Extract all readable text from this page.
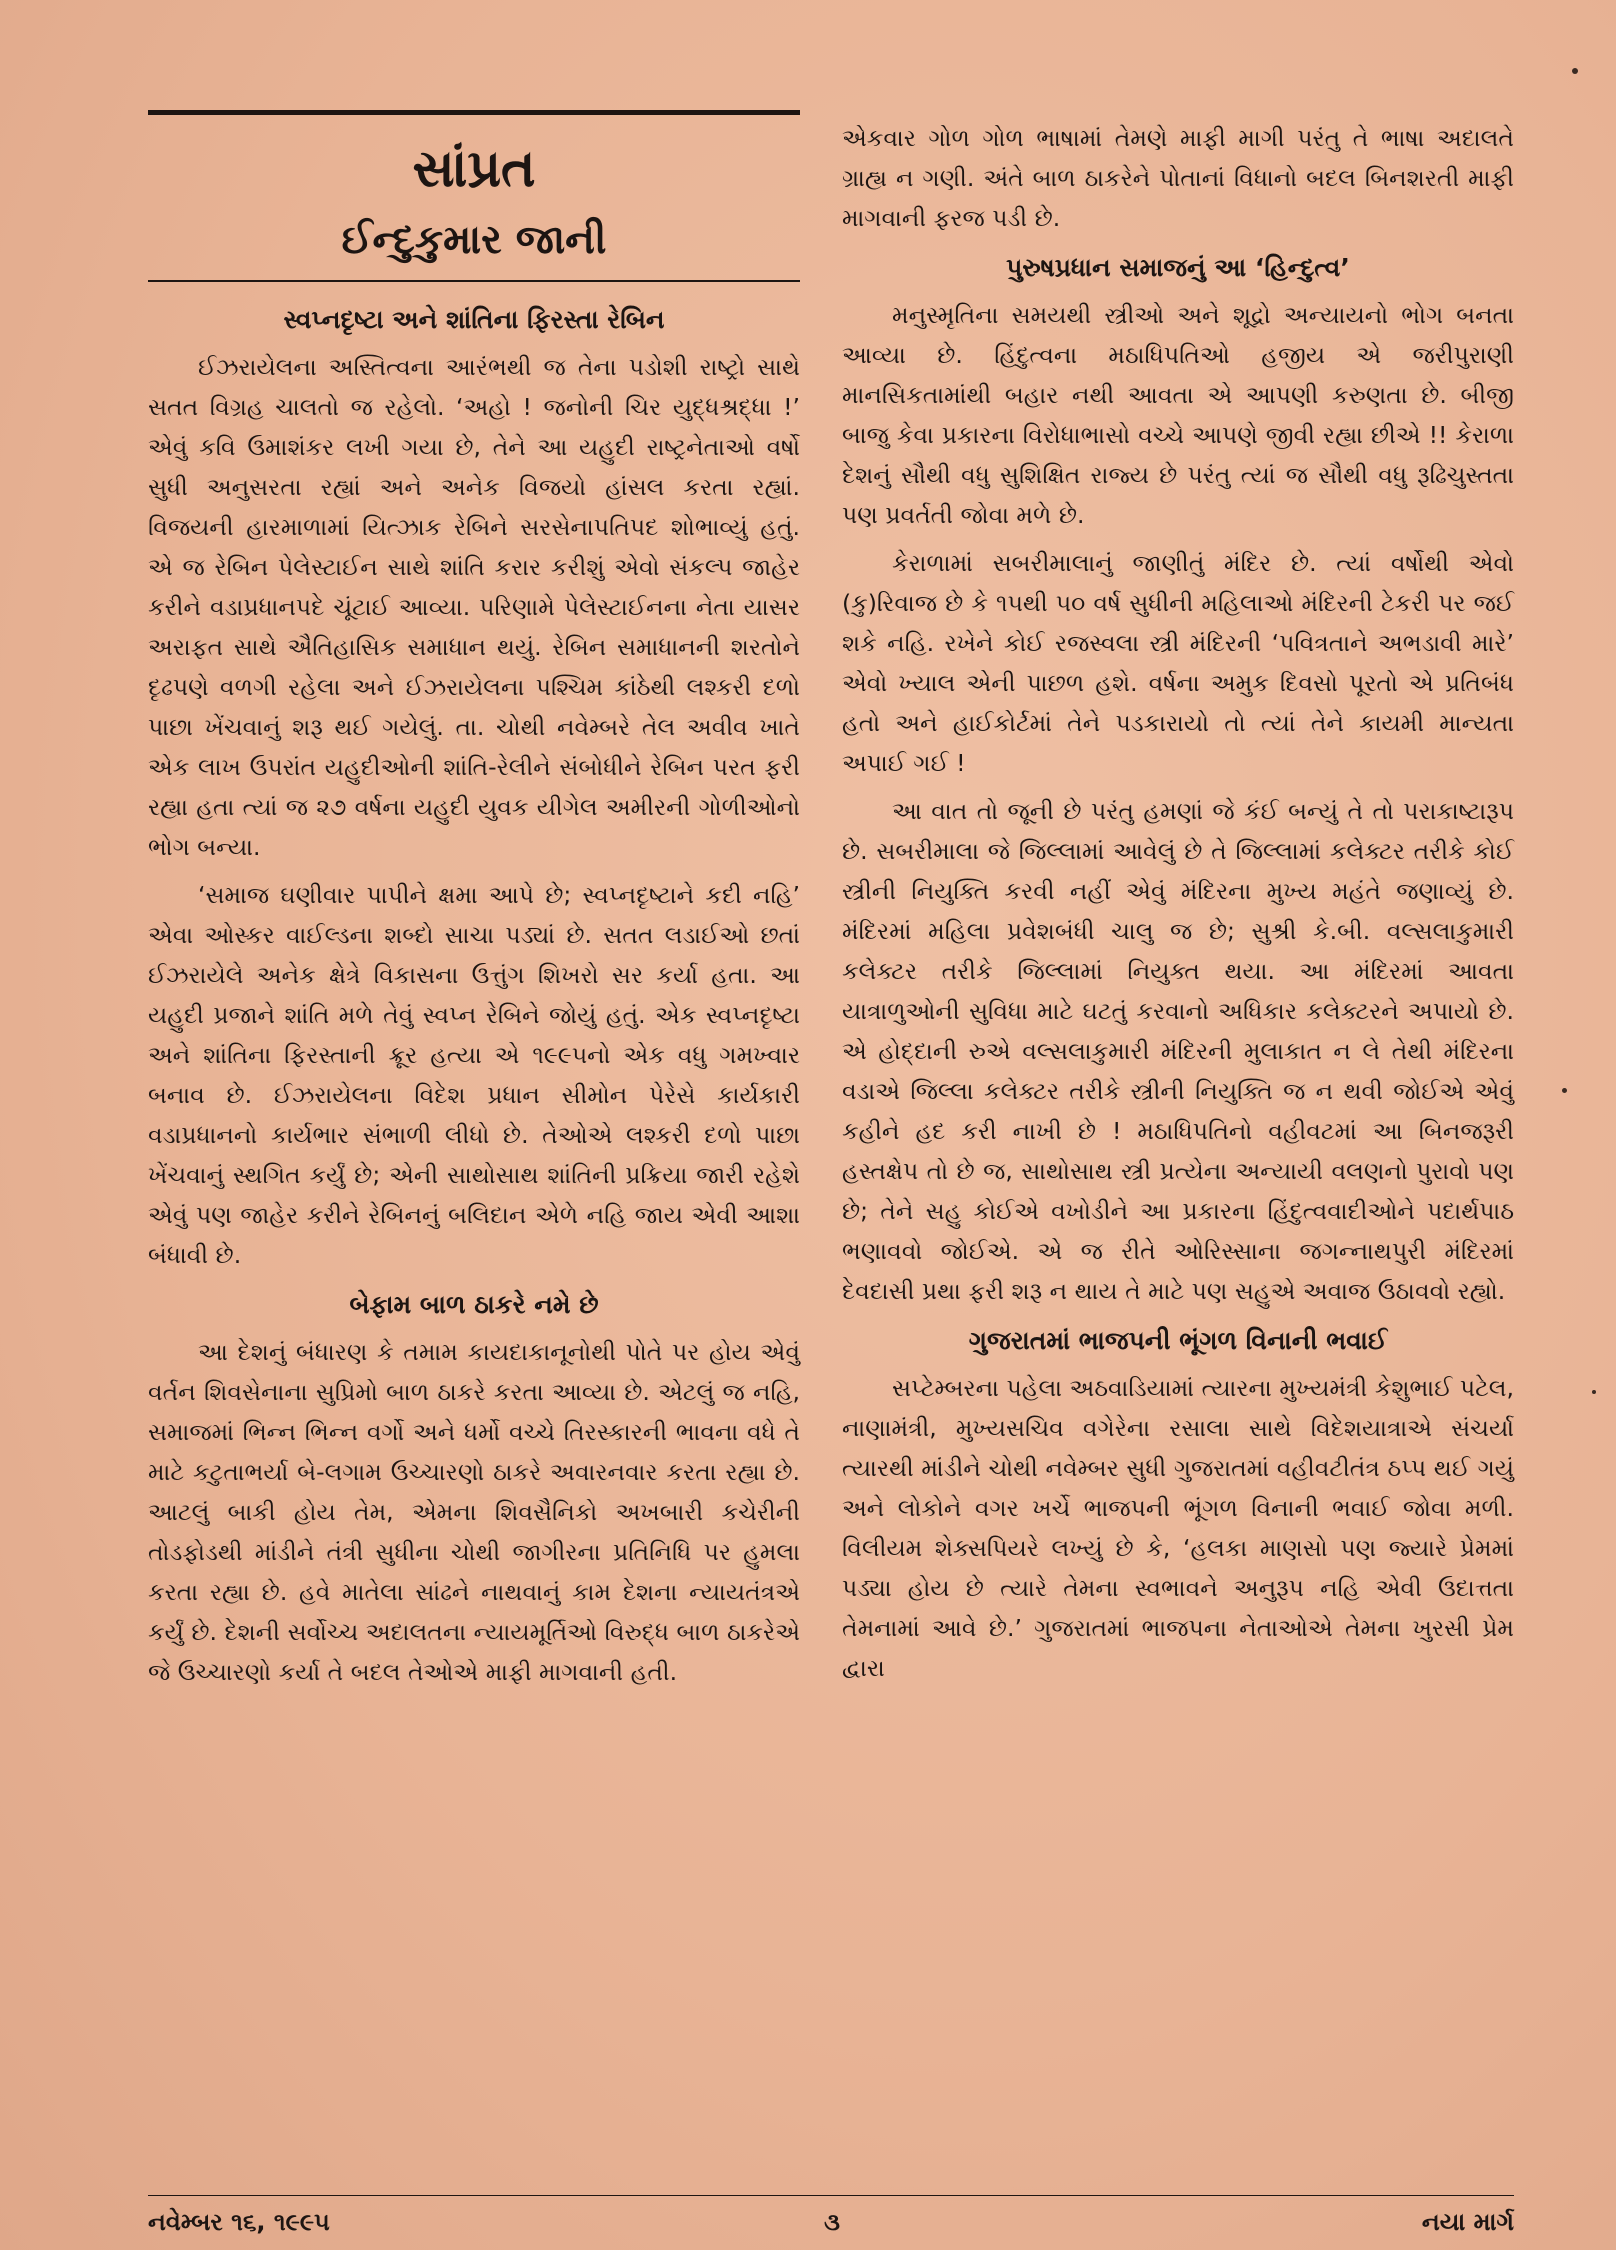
સાંપ્રત
ઈન્દુકુમાર જાની
સ્વપ્નદૃષ્ટા અને શાંતિના ફિરસ્તા રેબિન

ઈઝરાયેલના અસ્તિત્વના આરંભથી જ તેના પડોશી રાષ્ટ્રો સાથે સતત વિગ્રહ ચાલતો જ રહેલો. ‘અહો ! જનોની ચિર યુદ્ધશ્રદ્ધા !’ એવું કવિ ઉમાશંકર લખી ગયા છે, તેને આ યહુદી રાષ્ટ્રનેતાઓ વર્ષો સુધી અનુસરતા રહ્યાં અને અનેક વિજયો હાંસલ કરતા રહ્યાં. વિજયની હારમાળામાં યિત્ઝાક રેબિને સરસેનાપતિપદ શોભાવ્યું હતું. એ જ રેબિન પેલેસ્ટાઈન સાથે શાંતિ કરાર કરીશું એવો સંકલ્પ જાહેર કરીને વડાપ્રધાનપદે ચૂંટાઈ આવ્યા. પરિણામે પેલેસ્ટાઈનના નેતા યાસર અરાફત સાથે ઐતિહાસિક સમાધાન થયું. રેબિન સમાધાનની શરતોને દૃઢપણે વળગી રહેલા અને ઈઝરાયેલના પશ્ચિમ કાંઠેથી લશ્કરી દળો પાછા ખેંચવાનું શરૂ થઈ ગયેલું. તા. ચોથી નવેમ્બરે તેલ અવીવ ખાતે એક લાખ ઉપરાંત યહુદીઓની શાંતિ-રેલીને સંબોધીને રેબિન પરત ફરી રહ્યા હતા ત્યાં જ ૨૭ વર્ષના યહુદી યુવક યીગેલ અમીરની ગોળીઓનો ભોગ બન્યા.

‘સમાજ ઘણીવાર પાપીને ક્ષમા આપે છે; સ્વપ્નદૃષ્ટાને કદી નહિ’ એવા ઓસ્કર વાઈલ્ડના શબ્દો સાચા પડ્યાં છે. સતત લડાઈઓ છતાં ઈઝરાયેલે અનેક ક્ષેત્રે વિકાસના ઉત્તુંગ શિખરો સર કર્યા હતા. આ યહુદી પ્રજાને શાંતિ મળે તેવું સ્વપ્ન રેબિને જોયું હતું. એક સ્વપ્નદૃષ્ટા અને શાંતિના ફિરસ્તાની ક્રૂર હત્યા એ ૧૯૯૫નો એક વધુ ગમખ્વાર બનાવ છે. ઈઝરાયેલના વિદેશ પ્રધાન સીમોન પેરેસે કાર્યકારી વડાપ્રધાનનો કાર્યભાર સંભાળી લીધો છે. તેઓએ લશ્કરી દળો પાછા ખેંચવાનું સ્થગિત કર્યું છે; એની સાથોસાથ શાંતિની પ્રક્રિયા જારી રહેશે એવું પણ જાહેર કરીને રેબિનનું બલિદાન એળે નહિ જાય એવી આશા બંધાવી છે.

બેફામ બાળ ઠાકરે નમે છે

આ દેશનું બંધારણ કે તમામ કાયદાકાનૂનોથી પોતે પર હોય એવું વર્તન શિવસેનાના સુપ્રિમો બાળ ઠાકરે કરતા આવ્યા છે. એટલું જ નહિ, સમાજમાં ભિન્ન ભિન્ન વર્ગો અને ધર્મો વચ્ચે તિરસ્કારની ભાવના વધે તે માટે કટુતાભર્યા બે-લગામ ઉચ્ચારણો ઠાકરે અવારનવાર કરતા રહ્યા છે. આટલું બાકી હોય તેમ, એમના શિવસૈનિકો અખબારી કચેરીની તોડફોડથી માંડીને તંત્રી સુધીના ચોથી જાગીરના પ્રતિનિધિ પર હુમલા કરતા રહ્યા છે. હવે માતેલા સાંઢને નાથવાનું કામ દેશના ન્યાયતંત્રએ કર્યું છે. દેશની સર્વોચ્ચ અદાલતના ન્યાયમૂર્તિઓ વિરુદ્ધ બાળ ઠાકરેએ જે ઉચ્ચારણો કર્યા તે બદલ તેઓએ માફી માગવાની હતી.

એકવાર ગોળ ગોળ ભાષામાં તેમણે માફી માગી પરંતુ તે ભાષા અદાલતે ગ્રાહ્ય ન ગણી. અંતે બાળ ઠાકરેને પોતાનાં વિધાનો બદલ બિનશરતી માફી માગવાની ફરજ પડી છે.

પુરુષપ્રધાન સમાજનું આ ‘હિન્દુત્વ’

મનુસ્મૃતિના સમયથી સ્ત્રીઓ અને શૂદ્રો અન્યાયનો ભોગ બનતા આવ્યા છે. હિંદુત્વના મઠાધિપતિઓ હજીય એ જરીપુરાણી માનસિકતામાંથી બહાર નથી આવતા એ આપણી કરુણતા છે. બીજી બાજુ કેવા પ્રકારના વિરોધાભાસો વચ્ચે આપણે જીવી રહ્યા છીએ !! કેરાળા દેશનું સૌથી વધુ સુશિક્ષિત રાજ્ય છે પરંતુ ત્યાં જ સૌથી વધુ રૂઢિચુસ્તતા પણ પ્રવર્તતી જોવા મળે છે.

કેરાળામાં સબરીમાલાનું જાણીતું મંદિર છે. ત્યાં વર્ષોથી એવો (કુ)રિવાજ છે કે ૧૫થી ૫૦ વર્ષ સુધીની મહિલાઓ મંદિરની ટેકરી પર જઈ શકે નહિ. રખેને કોઈ રજસ્વલા સ્ત્રી મંદિરની ‘પવિત્રતાને અભડાવી મારે’ એવો ખ્યાલ એની પાછળ હશે. વર્ષના અમુક દિવસો પૂરતો એ પ્રતિબંધ હતો અને હાઈકોર્ટમાં તેને પડકારાયો તો ત્યાં તેને કાયમી માન્યતા અપાઈ ગઈ !

આ વાત તો જૂની છે પરંતુ હમણાં જે કંઈ બન્યું તે તો પરાકાષ્ટારૂપ છે. સબરીમાલા જે જિલ્લામાં આવેલું છે તે જિલ્લામાં કલેક્ટર તરીકે કોઈ સ્ત્રીની નિયુક્તિ કરવી નહીં એવું મંદિરના મુખ્ય મહંતે જણાવ્યું છે. મંદિરમાં મહિલા પ્રવેશબંધી ચાલુ જ છે; સુશ્રી કે.બી. વલ્સલાકુમારી કલેક્ટર તરીકે જિલ્લામાં નિયુક્ત થયા. આ મંદિરમાં આવતા યાત્રાળુઓની સુવિધા માટે ઘટતું કરવાનો અધિકાર કલેક્ટરને અપાયો છે. એ હોદ્દાની રુએ વલ્સલાકુમારી મંદિરની મુલાકાત ન લે તેથી મંદિરના વડાએ જિલ્લા કલેક્ટર તરીકે સ્ત્રીની નિયુક્તિ જ ન થવી જોઈએ એવું કહીને હદ કરી નાખી છે ! મઠાધિપતિનો વહીવટમાં આ બિનજરૂરી હસ્તક્ષેપ તો છે જ, સાથોસાથ સ્ત્રી પ્રત્યેના અન્યાયી વલણનો પુરાવો પણ છે; તેને સહુ કોઈએ વખોડીને આ પ્રકારના હિંદુત્વવાદીઓને પદાર્થપાઠ ભણાવવો જોઈએ. એ જ રીતે ઓરિસ્સાના જગન્નાથપુરી મંદિરમાં દેવદાસી પ્રથા ફરી શરૂ ન થાય તે માટે પણ સહુએ અવાજ ઉઠાવવો રહ્યો.

ગુજરાતમાં ભાજપની ભૂંગળ વિનાની ભવાઈ

સપ્ટેમ્બરના પહેલા અઠવાડિયામાં ત્યારના મુખ્યમંત્રી કેશુભાઈ પટેલ, નાણામંત્રી, મુખ્યસચિવ વગેરેના રસાલા સાથે વિદેશયાત્રાએ સંચર્યા ત્યારથી માંડીને ચોથી નવેમ્બર સુધી ગુજરાતમાં વહીવટીતંત્ર ઠપ્પ થઈ ગયું અને લોકોને વગર ખર્ચે ભાજપની ભૂંગળ વિનાની ભવાઈ જોવા મળી. વિલીયમ શેક્સપિયરે લખ્યું છે કે, ‘હલકા માણસો પણ જ્યારે પ્રેમમાં પડ્યા હોય છે ત્યારે તેમના સ્વભાવને અનુરૂપ નહિ એવી ઉદાત્તતા તેમનામાં આવે છે.’ ગુજરાતમાં ભાજપના નેતાઓએ તેમના ખુરસી પ્રેમ દ્વારા

નવેમ્બર ૧૬, ૧૯૯૫	૩	નયા માર્ગ
